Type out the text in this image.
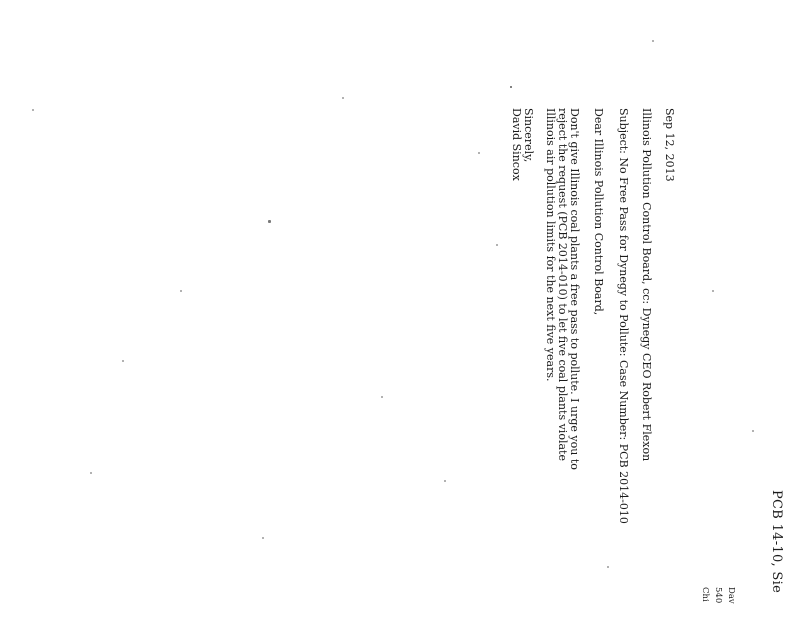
PCB 14-10, Sie
Dav
540
Chi
Sep 12, 2013
Illinois Pollution Control Board, cc: Dynegy CEO Robert Flexon
Subject: No Free Pass for Dynegy to Pollute: Case Number: PCB 2014-010
Dear Illinois Pollution Control Board,
Don't give Illinois coal plants a free pass to pollute. I urge you to
reject the request (PCB 2014-010) to let five coal plants violate
Illinois air pollution limits for the next five years.
Sincerely,
David Sincox
